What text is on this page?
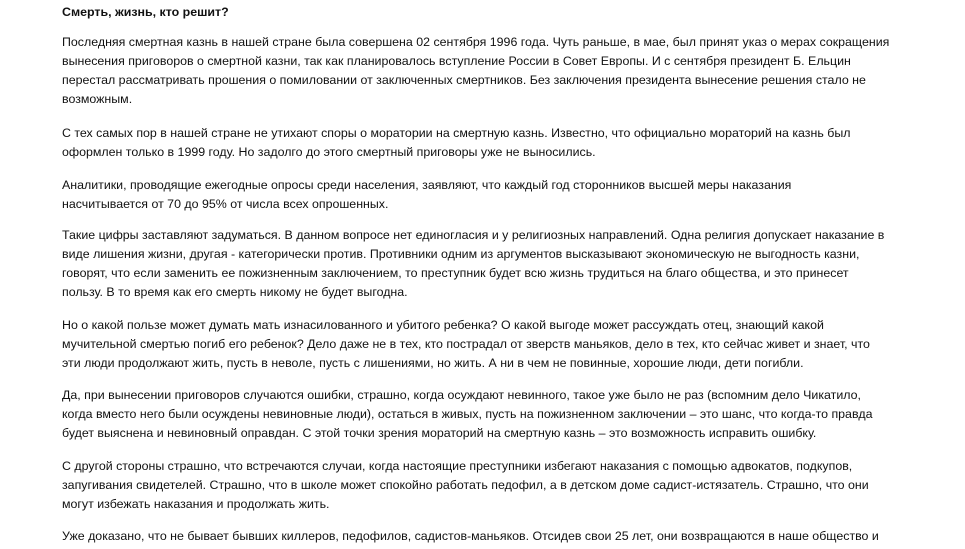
Смерть, жизнь, кто решит?
Последняя смертная казнь в нашей стране была совершена 02 сентября 1996 года. Чуть раньше, в мае, был принят указ о мерах сокращения
вынесения приговоров о смертной казни, так как планировалось вступление России в Совет Европы. И с сентября президент Б. Ельцин
перестал рассматривать прошения о помиловании от заключенных смертников. Без заключения президента вынесение решения стало не
возможным.
С тех самых пор в нашей стране не утихают споры о моратории на смертную казнь. Известно, что официально мораторий на казнь был
оформлен только в 1999 году. Но задолго до этого смертный приговоры уже не выносились.
Аналитики, проводящие ежегодные опросы среди населения, заявляют, что каждый год сторонников высшей меры наказания
насчитывается от 70 до 95% от числа всех опрошенных.
Такие цифры заставляют задуматься. В данном вопросе нет единогласия и у религиозных направлений. Одна религия допускает наказание в
виде лишения жизни, другая - категорически против. Противники одним из аргументов высказывают экономическую не выгодность казни,
говорят, что если заменить ее пожизненным заключением, то преступник будет всю жизнь трудиться на благо общества, и это принесет
пользу. В то время как его смерть никому не будет выгодна.
Но о какой пользе может думать мать изнасилованного и убитого ребенка? О какой выгоде может рассуждать отец, знающий какой
мучительной смертью погиб его ребенок? Дело даже не в тех, кто пострадал от зверств маньяков, дело в тех, кто сейчас живет и знает, что
эти люди продолжают жить, пусть в неволе, пусть с лишениями, но жить. А ни в чем не повинные, хорошие люди, дети погибли.
Да, при вынесении приговоров случаются ошибки, страшно, когда осуждают невинного, такое уже было не раз (вспомним дело Чикатило,
когда вместо него были осуждены невиновные люди), остаться в живых, пусть на пожизненном заключении – это шанс, что когда-то правда
будет выяснена и невиновный оправдан. С этой точки зрения мораторий на смертную казнь – это возможность исправить ошибку.
С другой стороны страшно, что встречаются случаи, когда настоящие преступники избегают наказания с помощью адвокатов, подкупов,
запугивания свидетелей. Страшно, что в школе может спокойно работать педофил, а в детском доме садист-истязатель. Страшно, что они
могут избежать наказания и продолжать жить.
Уже доказано, что не бывает бывших киллеров, педофилов, садистов-маньяков. Отсидев свои 25 лет, они возвращаются в наше общество и
